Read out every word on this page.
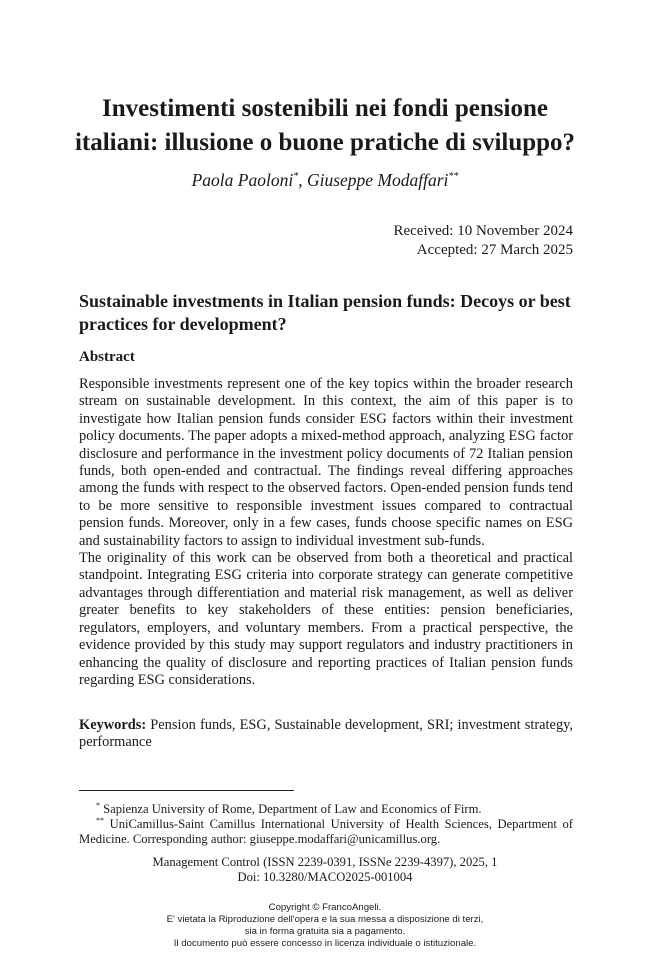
Investimenti sostenibili nei fondi pensione
italiani: illusione o buone pratiche di sviluppo?
Paola Paoloni*, Giuseppe Modaffari**
Received: 10 November 2024
Accepted: 27 March 2025
Sustainable investments in Italian pension funds: Decoys or best practices for development?
Abstract

Responsible investments represent one of the key topics within the broader research stream on sustainable development. In this context, the aim of this paper is to investigate how Italian pension funds consider ESG factors within their investment policy documents. The paper adopts a mixed-method approach, analyzing ESG factor disclosure and performance in the investment policy documents of 72 Italian pension funds, both open-ended and contractual. The findings reveal differing approaches among the funds with respect to the observed factors. Open-ended pension funds tend to be more sensitive to responsible investment issues compared to contractual pension funds. Moreover, only in a few cases, funds choose specific names on ESG and sustainability factors to assign to individual investment sub-funds.

The originality of this work can be observed from both a theoretical and practical standpoint. Integrating ESG criteria into corporate strategy can generate competitive advantages through differentiation and material risk management, as well as deliver greater benefits to key stakeholders of these entities: pension beneficiaries, regulators, employers, and voluntary members. From a practical perspective, the evidence provided by this study may support regulators and industry practitioners in enhancing the quality of disclosure and reporting practices of Italian pension funds regarding ESG considerations.

Keywords: Pension funds, ESG, Sustainable development, SRI; investment strategy, performance

* Sapienza University of Rome, Department of Law and Economics of Firm.

** UniCamillus-Saint Camillus International University of Health Sciences, Department of Medicine. Corresponding author: giuseppe.modaffari@unicamillus.org.

Management Control (ISSN 2239-0391, ISSNe 2239-4397), 2025, 1
Doi: 10.3280/MACO2025-001004
Copyright © FrancoAngeli.
E' vietata la Riproduzione dell'opera e la sua messa a disposizione di terzi,
sia in forma gratuita sia a pagamento.
Il documento può essere concesso in licenza individuale o istituzionale.
